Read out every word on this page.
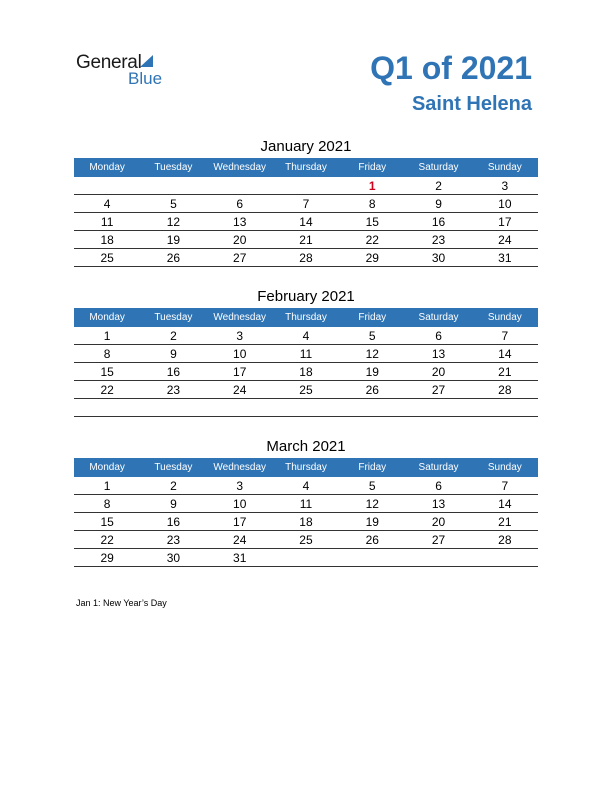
General
Blue	Q1 of 2021
Saint Helena
January 2021
Monday	Tuesday	Wednesday	Thursday	Friday	Saturday	Sunday
				1	2	3
4	5	6	7	8	9	10
11	12	13	14	15	16	17
18	19	20	21	22	23	24
25	26	27	28	29	30	31
February 2021
Monday	Tuesday	Wednesday	Thursday	Friday	Saturday	Sunday
1	2	3	4	5	6	7
8	9	10	11	12	13	14
15	16	17	18	19	20	21
22	23	24	25	26	27	28

March 2021
Monday	Tuesday	Wednesday	Thursday	Friday	Saturday	Sunday
1	2	3	4	5	6	7
8	9	10	11	12	13	14
15	16	17	18	19	20	21
22	23	24	25	26	27	28
29	30	31				
Jan 1: New Year’s Day
